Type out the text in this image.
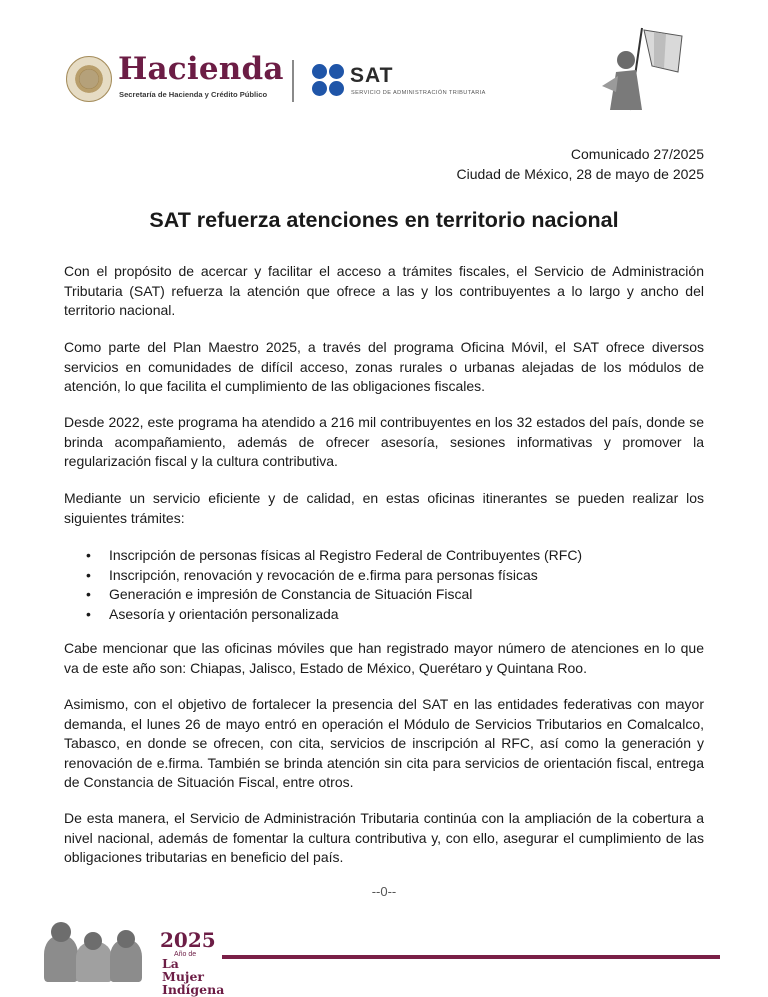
Hacienda
Secretaría de Hacienda y Crédito Público
SAT
SERVICIO DE ADMINISTRACIÓN TRIBUTARIA
Comunicado 27/2025
Ciudad de México, 28 de mayo de 2025
SAT refuerza atenciones en territorio nacional

Con el propósito de acercar y facilitar el acceso a trámites fiscales, el Servicio de Administración Tributaria (SAT) refuerza la atención que ofrece a las y los contribuyentes a lo largo y ancho del territorio nacional.

Como parte del Plan Maestro 2025, a través del programa Oficina Móvil, el SAT ofrece diversos servicios en comunidades de difícil acceso, zonas rurales o urbanas alejadas de los módulos de atención, lo que facilita el cumplimiento de las obligaciones fiscales.

Desde 2022, este programa ha atendido a 216 mil contribuyentes en los 32 estados del país, donde se brinda acompañamiento, además de ofrecer asesoría, sesiones informativas y promover la regularización fiscal y la cultura contributiva.

Mediante un servicio eficiente y de calidad, en estas oficinas itinerantes se pueden realizar los siguientes trámites:

• Inscripción de personas físicas al Registro Federal de Contribuyentes (RFC)
• Inscripción, renovación y revocación de e.firma para personas físicas
• Generación e impresión de Constancia de Situación Fiscal
• Asesoría y orientación personalizada

Cabe mencionar que las oficinas móviles que han registrado mayor número de atenciones en lo que va de este año son: Chiapas, Jalisco, Estado de México, Querétaro y Quintana Roo.

Asimismo, con el objetivo de fortalecer la presencia del SAT en las entidades federativas con mayor demanda, el lunes 26 de mayo entró en operación el Módulo de Servicios Tributarios en Comalcalco, Tabasco, en donde se ofrecen, con cita, servicios de inscripción al RFC, así como la generación y renovación de e.firma. También se brinda atención sin cita para servicios de orientación fiscal, entrega de Constancia de Situación Fiscal, entre otros.

De esta manera, el Servicio de Administración Tributaria continúa con la ampliación de la cobertura a nivel nacional, además de fomentar la cultura contributiva y, con ello, asegurar el cumplimiento de las obligaciones tributarias en beneficio del país.

--0--
2025
Año de
La Mujer Indígena
